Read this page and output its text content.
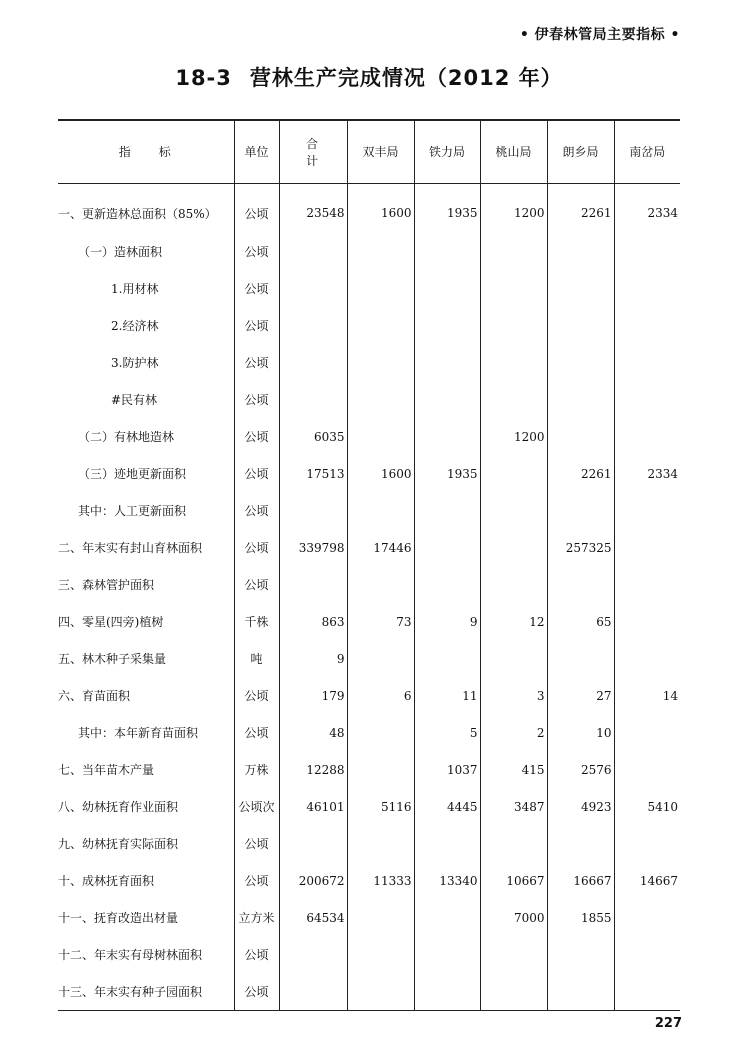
• 伊春林管局主要指标 •
18-3 营林生产完成情况（2012 年）
指标	单位	合计	双丰局	铁力局	桃山局	朗乡局	南岔局
一、更新造林总面积（85%）	公顷	23548	1600	1935	1200	2261	2334
（一）造林面积	公顷						
1.用材林	公顷						
2.经济林	公顷						
3.防护林	公顷						
#民有林	公顷						
（二）有林地造林	公顷	6035			1200		
（三）迹地更新面积	公顷	17513	1600	1935		2261	2334
其中：人工更新面积	公顷						
二、年末实有封山育林面积	公顷	339798	17446			257325	
三、森林管护面积	公顷						
四、零星(四旁)植树	千株	863	73	9	12	65	
五、林木种子采集量	吨	9					
六、育苗面积	公顷	179	6	11	3	27	14
其中：本年新育苗面积	公顷	48		5	2	10	
七、当年苗木产量	万株	12288		1037	415	2576	
八、幼林抚育作业面积	公顷次	46101	5116	4445	3487	4923	5410
九、幼林抚育实际面积	公顷						
十、成林抚育面积	公顷	200672	11333	13340	10667	16667	14667
十一、抚育改造出材量	立方米	64534			7000	1855	
十二、年末实有母树林面积	公顷						
十三、年末实有种子园面积	公顷						
227
